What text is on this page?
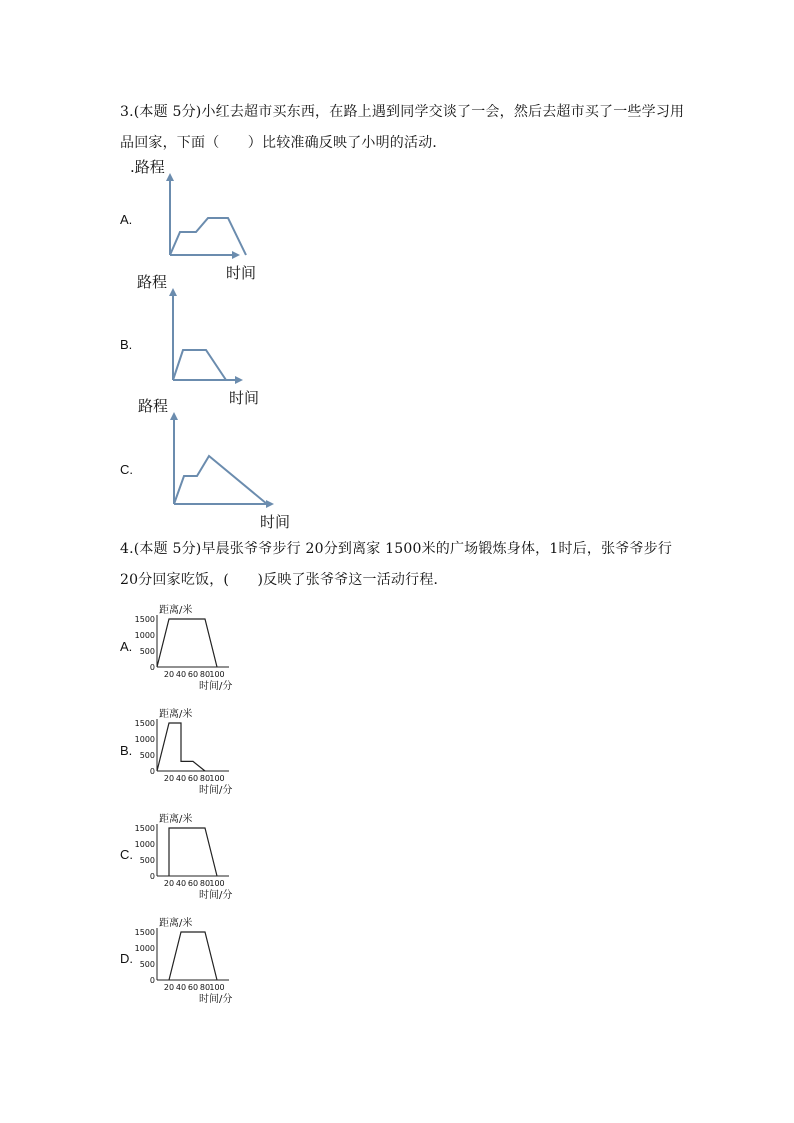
3.(本题 5分)小红去超市买东西，在路上遇到同学交谈了一会，然后去超市买了一些学习用品回家，下面（　　）比较准确反映了小明的活动．
A.
B.
C.
4.(本题 5分)早晨张爷爷步行 20分到离家 1500米的广场锻炼身体，1时后，张爷爷步行 20分回家吃饭，(　　)反映了张爷爷这一活动行程．
A.
B.
C.
D.
.路程
时间
路程
时间
路程
时间
1500
1000
500
0
20 40 60 80 100
距离/米
时间/分
1500
1000
500
0
20 40 60 80 100
距离/米
时间/分
1500
1000
500
0
20 40 60 80 100
距离/米
时间/分
1500
1000
500
0
20 40 60 80 100
距离/米
时间/分
